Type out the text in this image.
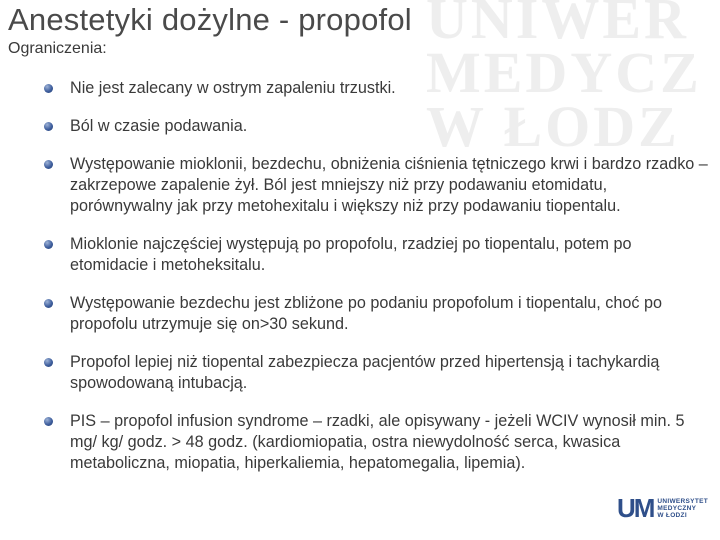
UNIWER
MEDYCZ
W ŁODZ
Anestetyki dożylne - propofol
Ograniczenia:
Nie jest zalecany w ostrym zapaleniu trzustki.
Ból w czasie podawania.
Występowanie mioklonii, bezdechu, obniżenia ciśnienia tętniczego krwi i bardzo rzadko – zakrzepowe zapalenie żył. Ból jest mniejszy niż przy podawaniu etomidatu, porównywalny jak przy metohexitalu i większy niż przy podawaniu tiopentalu.
Mioklonie najczęściej występują po propofolu, rzadziej po tiopentalu, potem po etomidacie i metoheksitalu.
Występowanie bezdechu jest zbliżone po podaniu propofolum i tiopentalu, choć po propofolu utrzymuje się on>30 sekund.
Propofol lepiej niż tiopental zabezpiecza pacjentów przed hipertensją i tachykardią spowodowaną intubacją.
PIS – propofol infusion syndrome – rzadki, ale opisywany - jeżeli WCIV wynosił min. 5 mg/ kg/ godz. > 48 godz. (kardiomiopatia, ostra niewydolność serca, kwasica metaboliczna, miopatia, hiperkaliemia, hepatomegalia, lipemia).
UM UNIWERSYTET
MEDYCZNY
W ŁODZI
